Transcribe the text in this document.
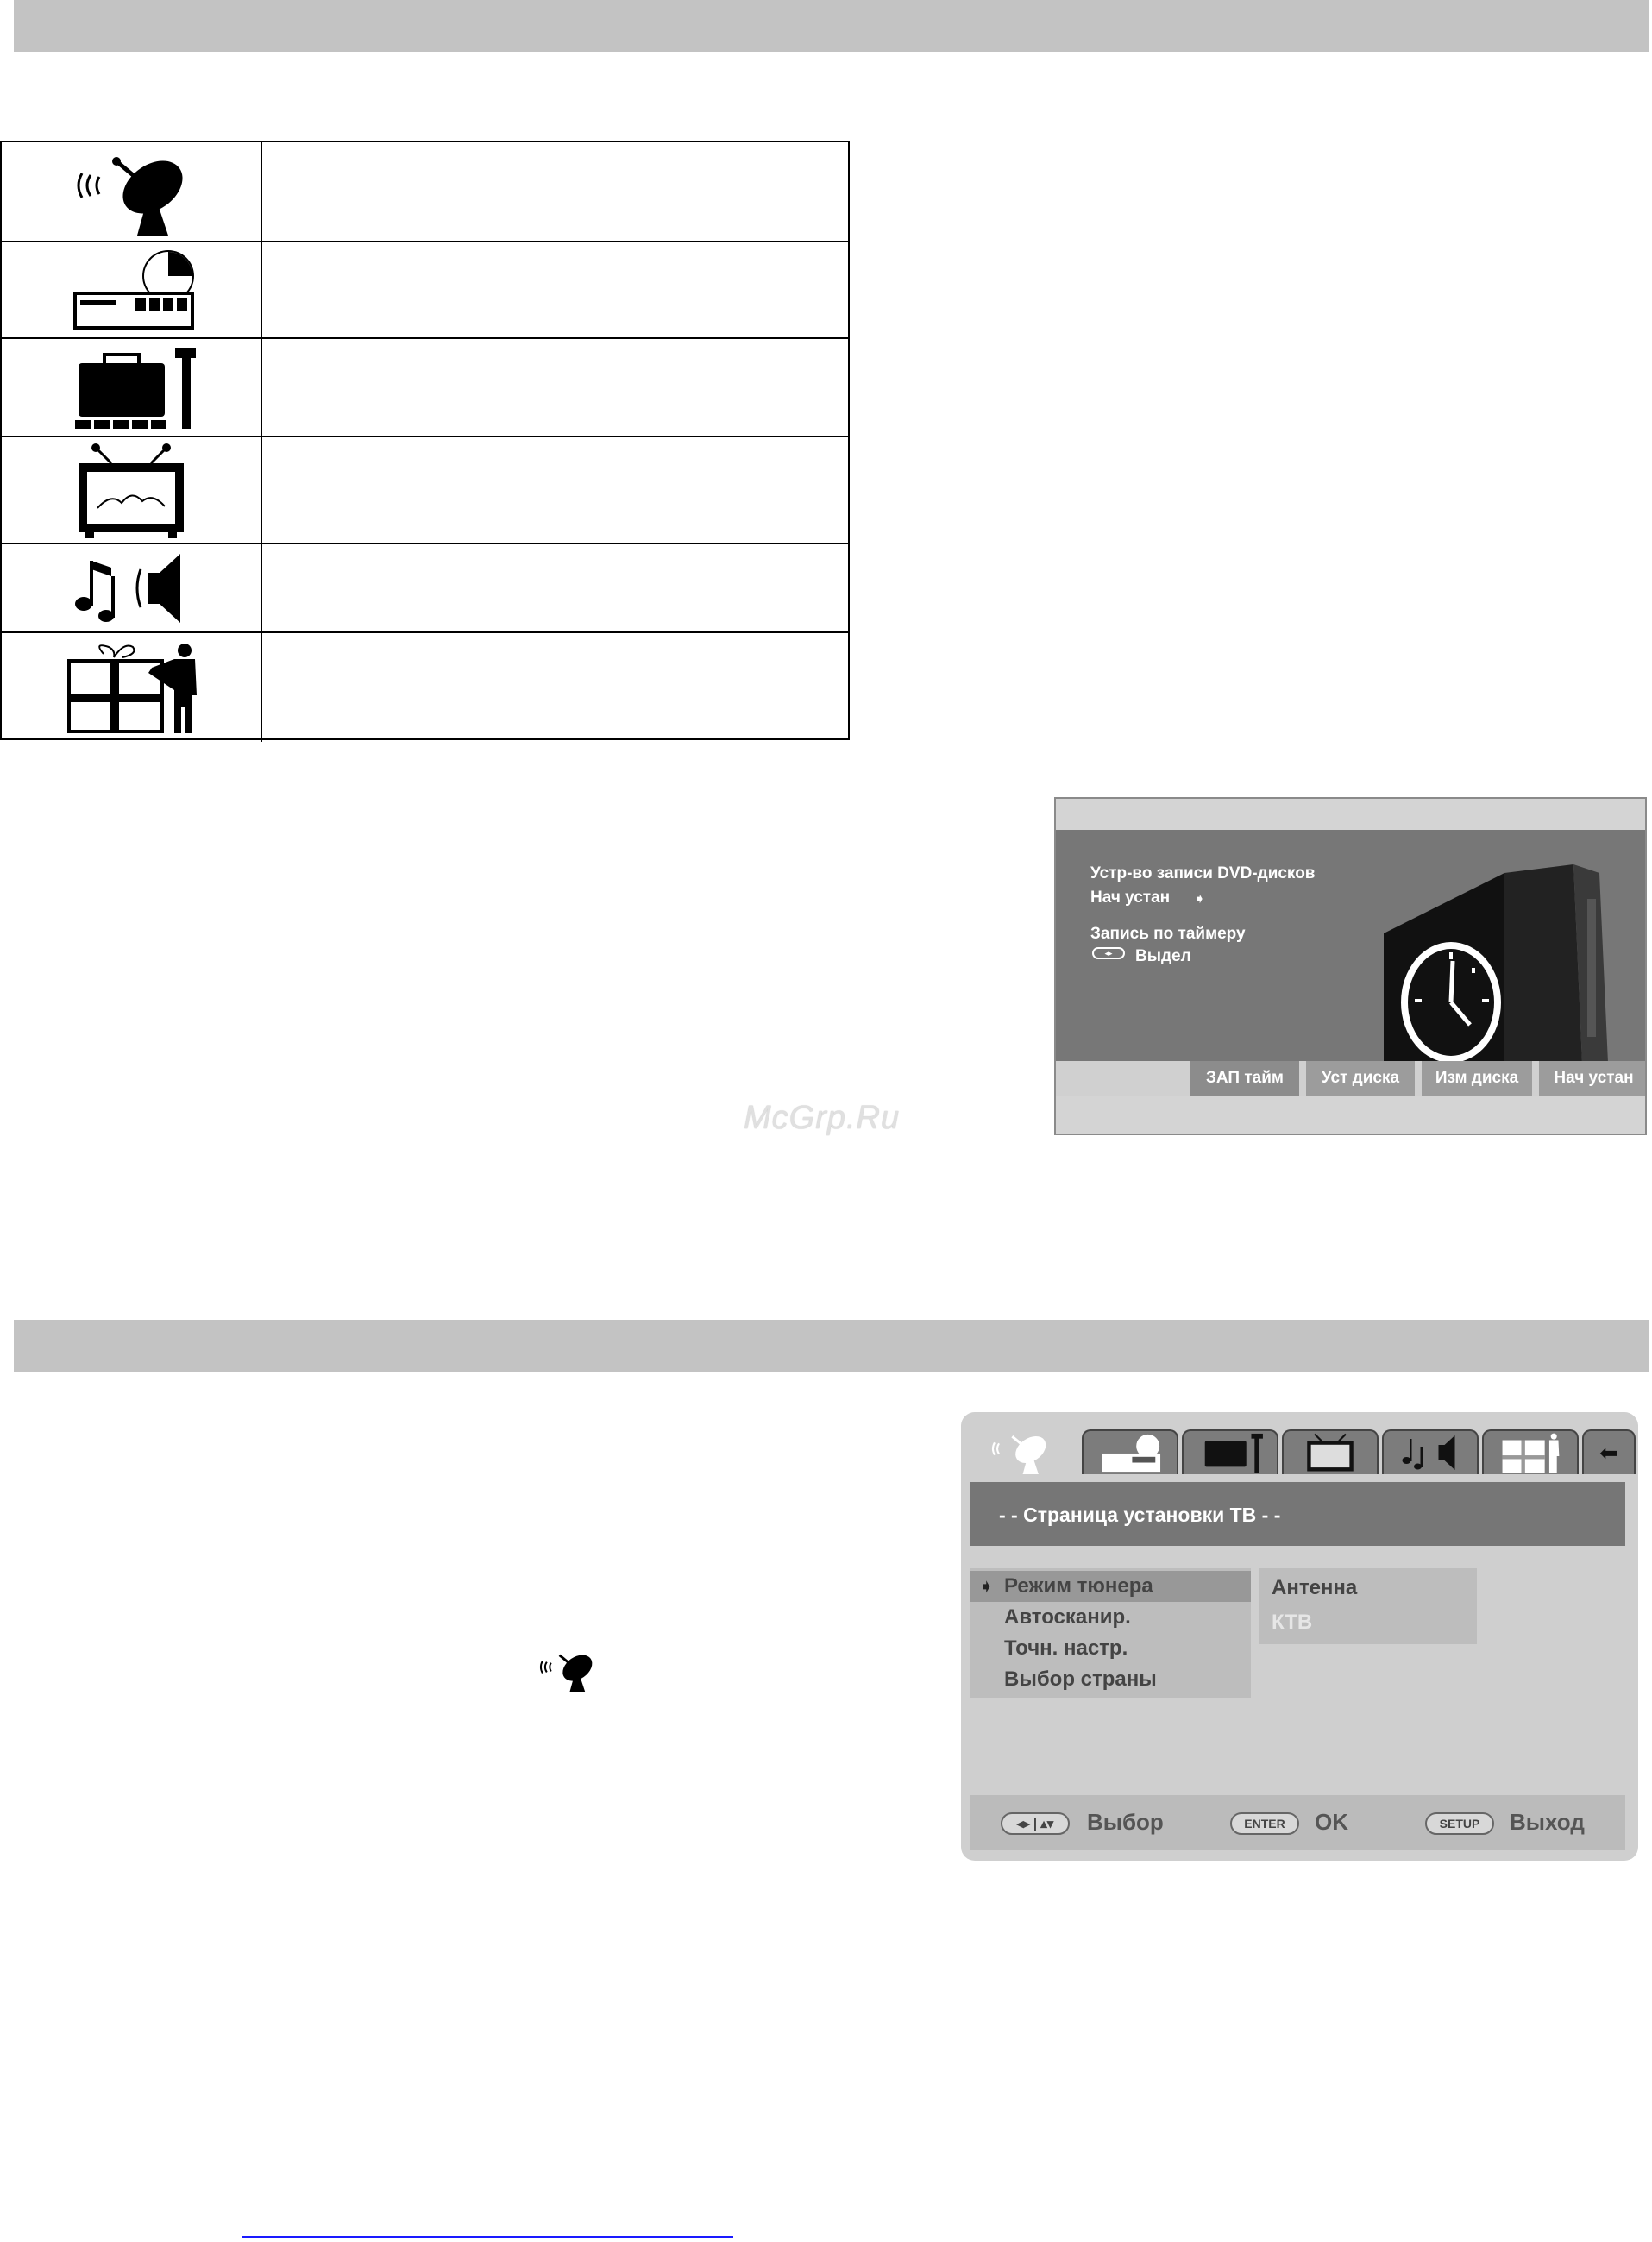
Устр-во записи DVD-дисков
Нач устан ➧
Запись по таймеру
◂▸	Выдел
ЗАП тайм	Уст диска	Изм диска	Нач устан
McGrp.Ru
⬅
- - Страница установки ТВ - -
➧ Режим тюнера
Автосканир.
Точн. настр.
Выбор страны
Антенна
КТВ
◂▸ | ▴▾	Выбор	ENTER	OK	SETUP	Выход
